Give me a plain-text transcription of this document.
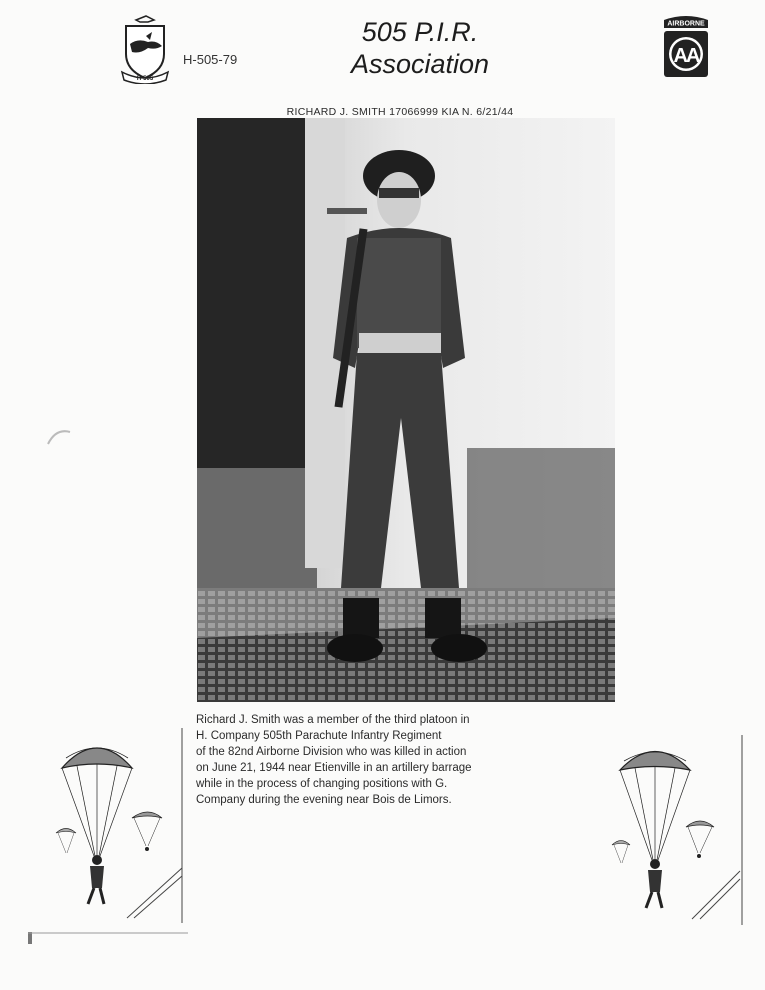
H-505
H-505-79
505 P.I.R.
Association
AIRBORNE
AA
RICHARD J. SMITH 17066999 KIA N. 6/21/44

Richard J. Smith was a member of the third platoon in

H. Company 505th Parachute Infantry Regiment

of the 82nd Airborne Division who was killed in action

on June 21, 1944 near Etienville in an artillery barrage

while in the process of changing positions with G.

Company during the evening near Bois de Limors.
